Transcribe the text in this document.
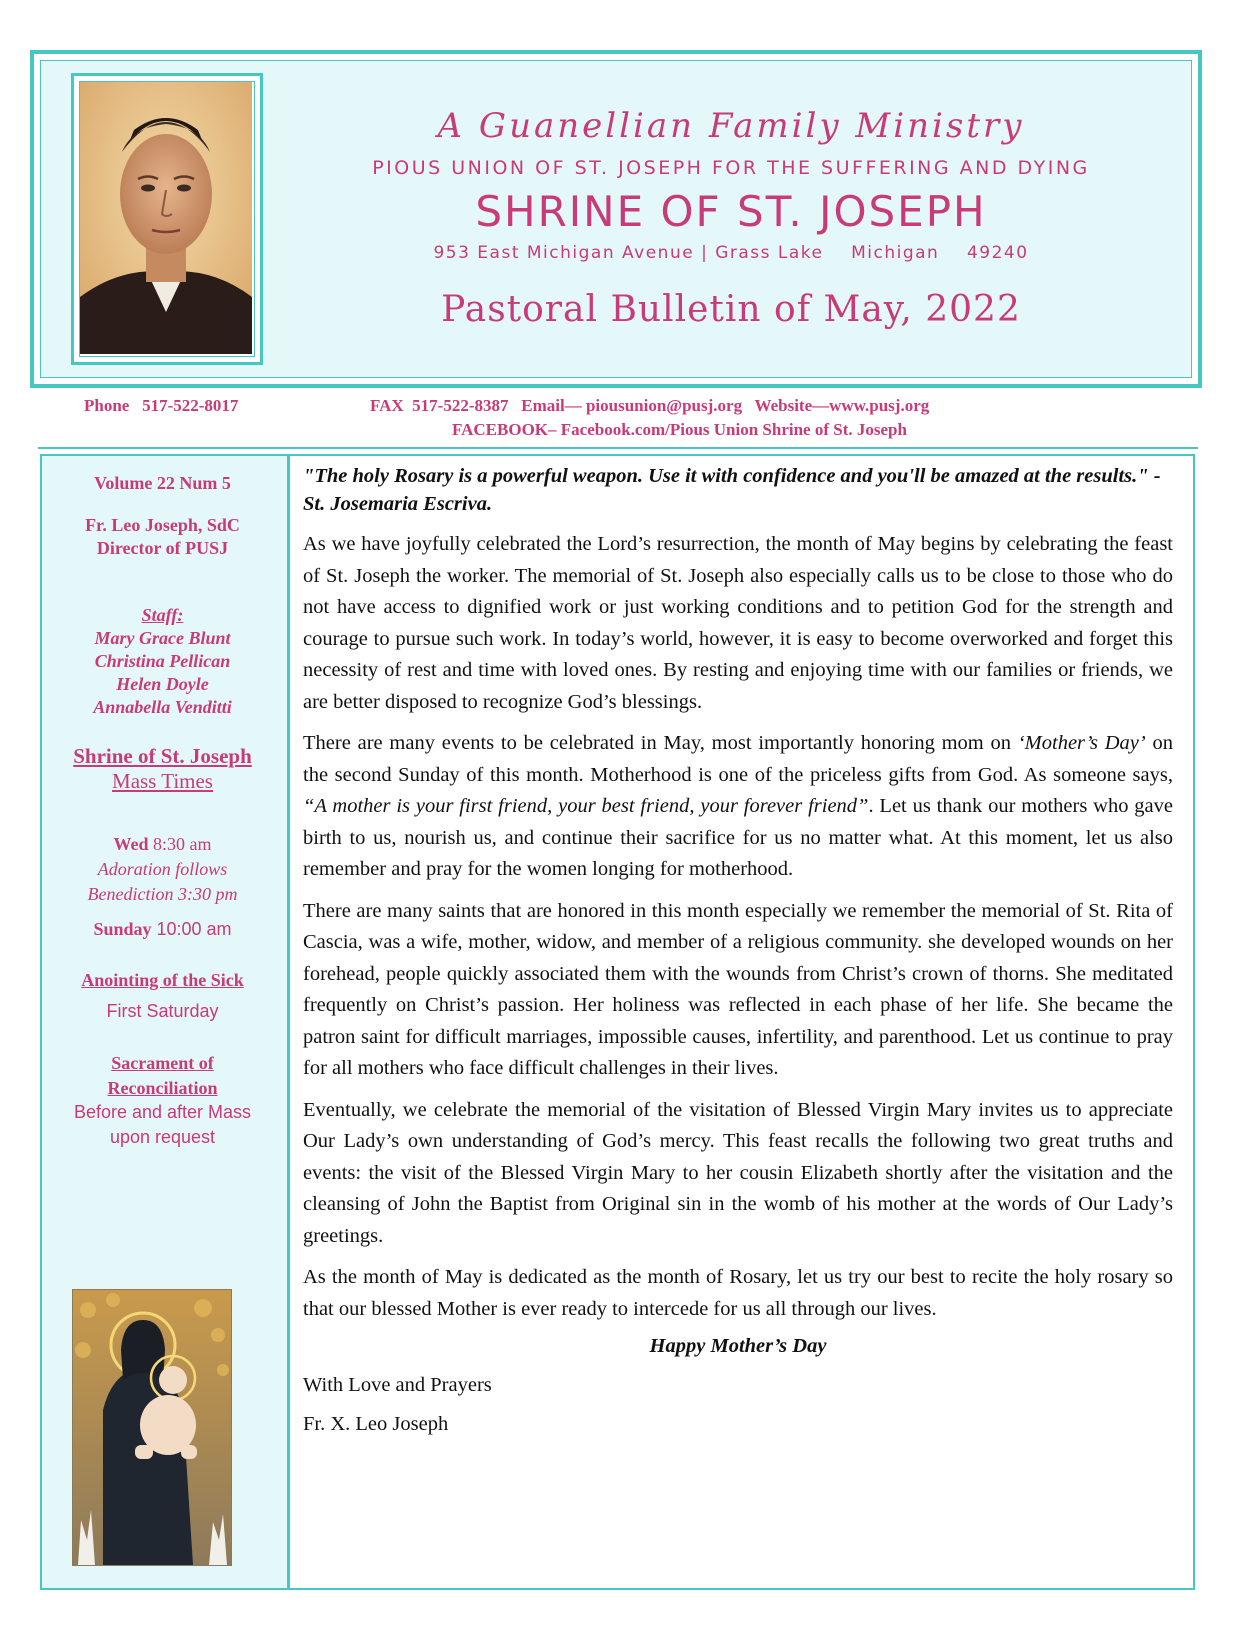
A Guanellian Family Ministry
PIOUS UNION OF ST. JOSEPH FOR THE SUFFERING AND DYING
SHRINE OF ST. JOSEPH
953 East Michigan Avenue | Grass Lake    Michigan    49240
Pastoral Bulletin of May, 2022
Phone   517-522-8017	FAX  517-522-8387   Email— piousunion@pusj.org   Website—www.pusj.org
FACEBOOK– Facebook.com/Pious Union Shrine of St. Joseph
Volume 22 Num 5
Fr. Leo Joseph, SdC
Director of PUSJ
Staff:
Mary Grace Blunt
Christina Pellican
Helen Doyle
Annabella Venditti
Shrine of St. Joseph
Mass Times
Wed 8:30 am
Adoration follows
Benediction 3:30 pm
Sunday 10:00 am
Anointing of the Sick
First Saturday
Sacrament of
Reconciliation
Before and after Mass
upon request

"The holy Rosary is a powerful weapon. Use it with confidence and you'll be amazed at the results." - St. Josemaria Escriva.

As we have joyfully celebrated the Lord’s resurrection, the month of May begins by celebrating the feast of St. Joseph the worker. The memorial of St. Joseph also especially calls us to be close to those who do not have access to dignified work or just working conditions and to petition God for the strength and courage to pursue such work. In today’s world, however, it is easy to become overworked and forget this necessity of rest and time with loved ones. By resting and enjoying time with our families or friends, we are better disposed to recognize God’s blessings.

There are many events to be celebrated in May, most importantly honoring mom on ‘Mother’s Day’ on the second Sunday of this month. Motherhood is one of the priceless gifts from God. As someone says, “A mother is your first friend, your best friend, your forever friend”. Let us thank our mothers who gave birth to us, nourish us, and continue their sacrifice for us no matter what. At this moment, let us also remember and pray for the women longing for motherhood.

There are many saints that are honored in this month especially we remember the memorial of St. Rita of Cascia, was a wife, mother, widow, and member of a religious community. she developed wounds on her forehead, people quickly associated them with the wounds from Christ’s crown of thorns. She meditated frequently on Christ’s passion. Her holiness was reflected in each phase of her life. She became the patron saint for difficult marriages, impossible causes, infertility, and parenthood. Let us continue to pray for all mothers who face difficult challenges in their lives.

Eventually, we celebrate the memorial of the visitation of Blessed Virgin Mary invites us to appreciate Our Lady’s own understanding of God’s mercy. This feast recalls the following two great truths and events: the visit of the Blessed Virgin Mary to her cousin Elizabeth shortly after the visitation and the cleansing of John the Baptist from Original sin in the womb of his mother at the words of Our Lady’s greetings.

As the month of May is dedicated as the month of Rosary, let us try our best to recite the holy rosary so that our blessed Mother is ever ready to intercede for us all through our lives.

Happy Mother’s Day

With Love and Prayers

Fr. X. Leo Joseph
